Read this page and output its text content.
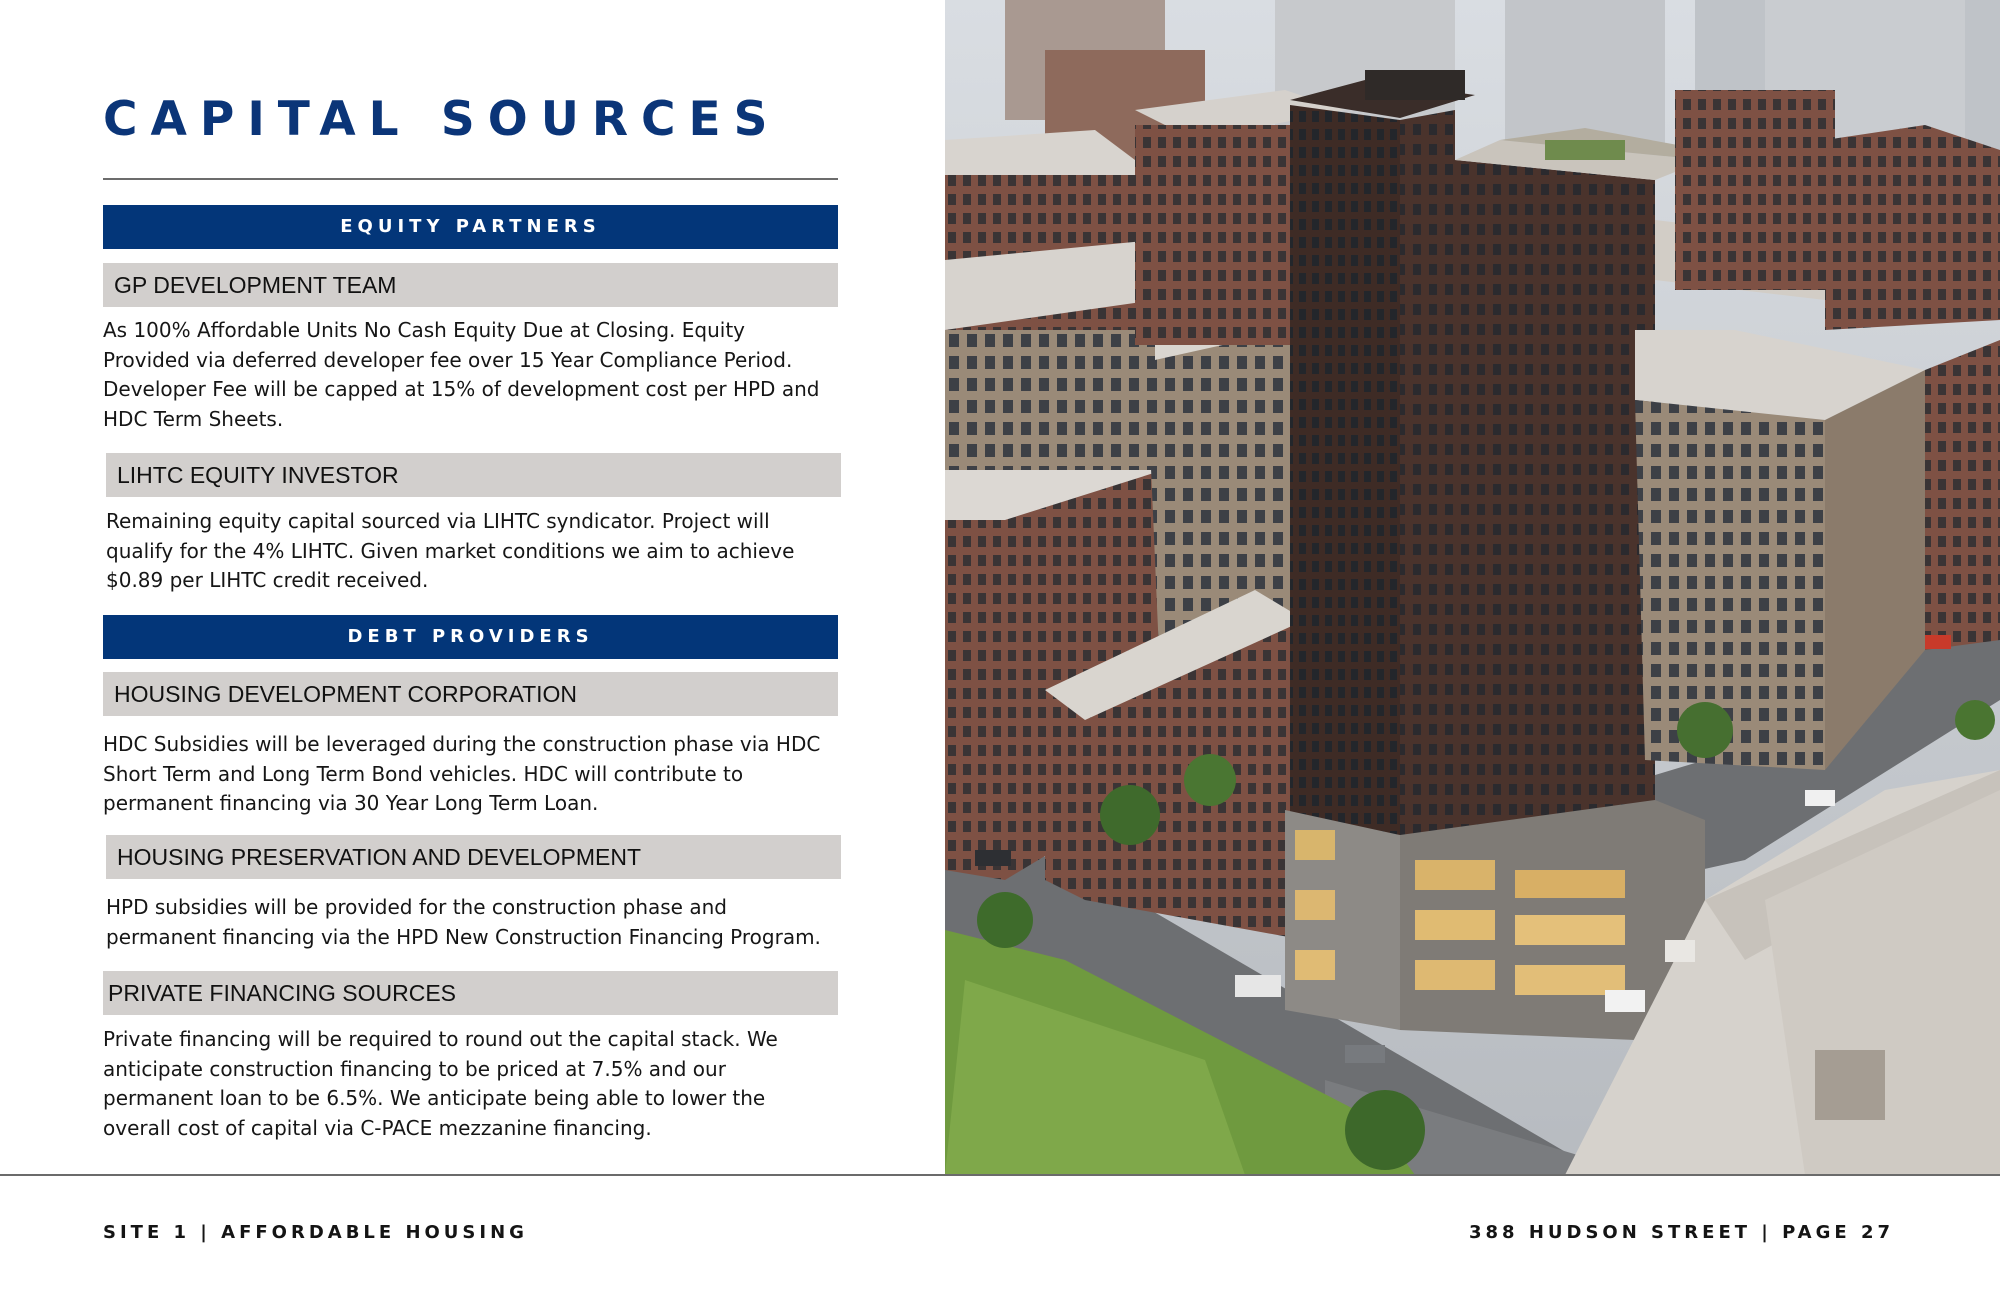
CAPITAL SOURCES
EQUITY PARTNERS
GP DEVELOPMENT TEAM

As 100% Affordable Units No Cash Equity Due at Closing. Equity
Provided via deferred developer fee over 15 Year Compliance Period.
Developer Fee will be capped at 15% of development cost per HPD and
HDC Term Sheets.

LIHTC EQUITY INVESTOR

Remaining equity capital sourced via LIHTC syndicator. Project will
qualify for the 4% LIHTC. Given market conditions we aim to achieve
$0.89 per LIHTC credit received.

DEBT PROVIDERS
HOUSING DEVELOPMENT CORPORATION

HDC Subsidies will be leveraged during the construction phase via HDC
Short Term and Long Term Bond vehicles. HDC will contribute to
permanent financing via 30 Year Long Term Loan.

HOUSING PRESERVATION AND DEVELOPMENT

HPD subsidies will be provided for the construction phase and
permanent financing via the HPD New Construction Financing Program.

PRIVATE FINANCING SOURCES

Private financing will be required to round out the capital stack. We
anticipate construction financing to be priced at 7.5% and our
permanent loan to be 6.5%. We anticipate being able to lower the
overall cost of capital via C-PACE mezzanine financing.

SITE 1 | AFFORDABLE HOUSING	388 HUDSON STREET | PAGE 27
